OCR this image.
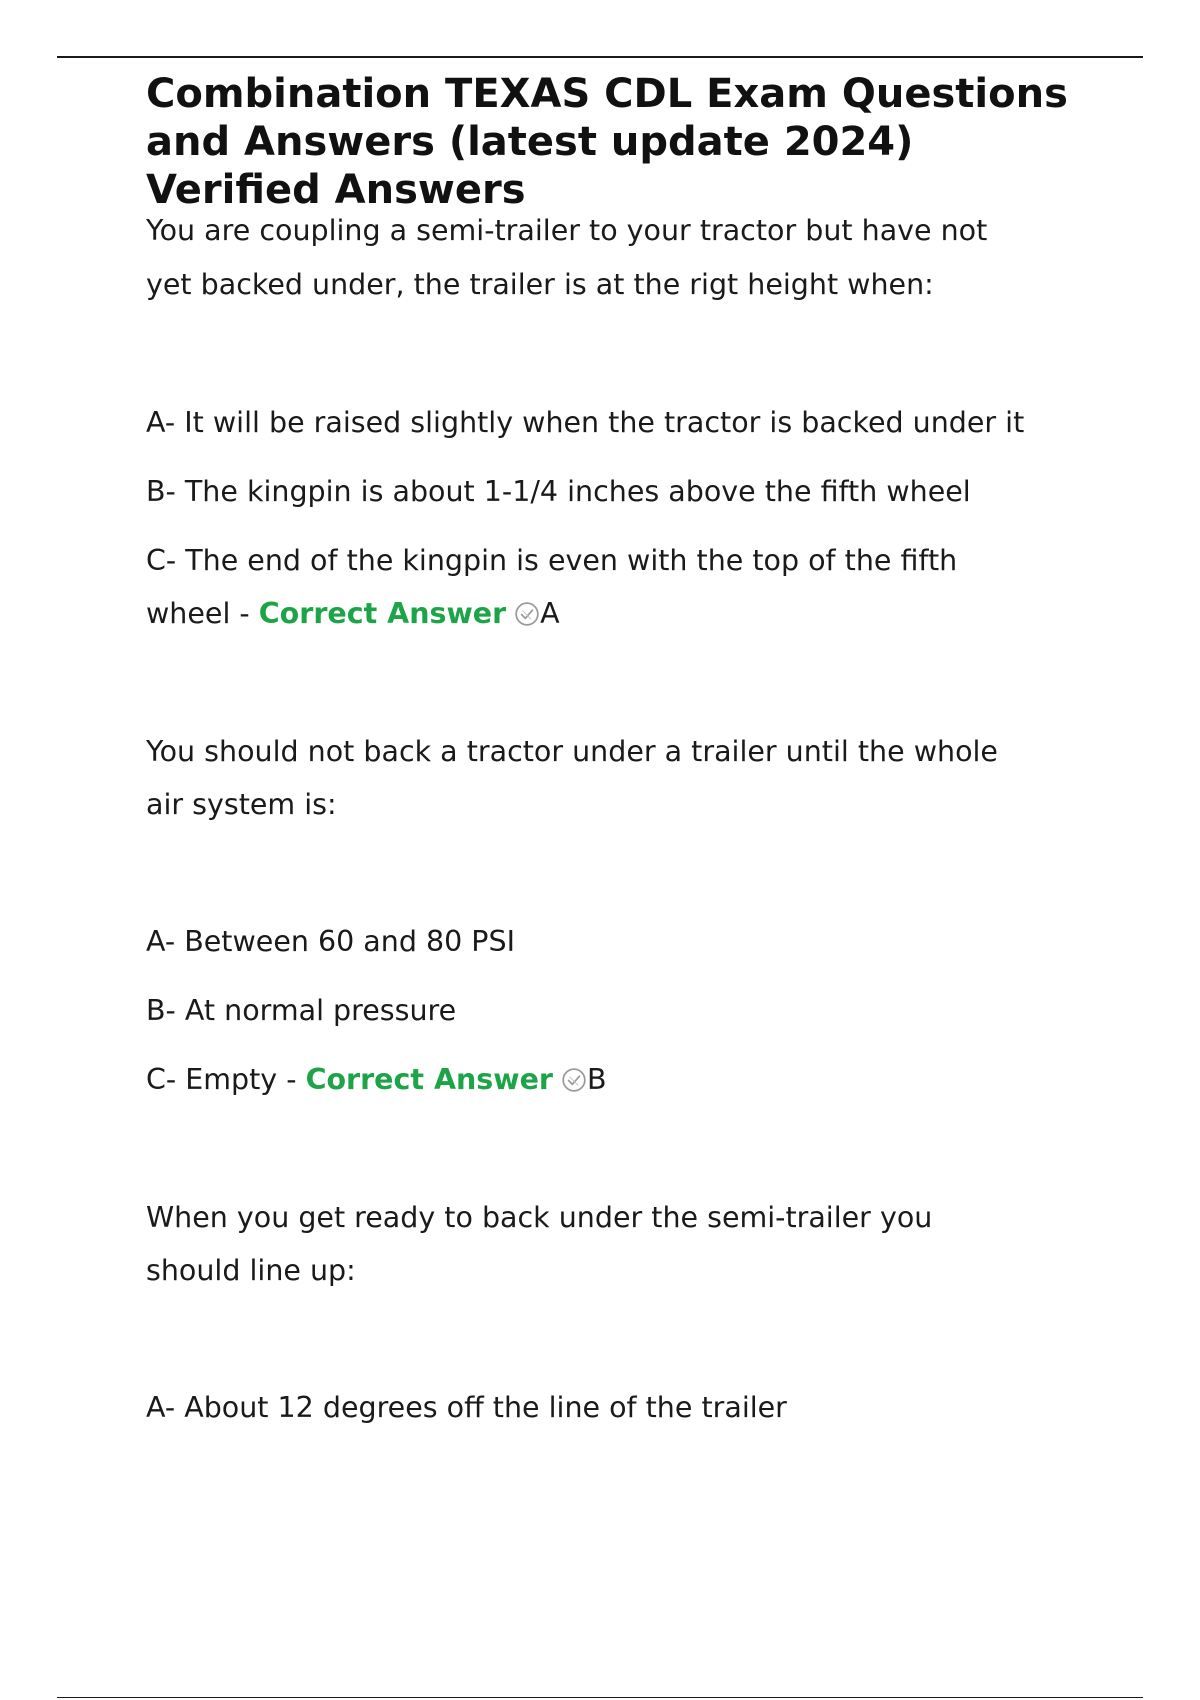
Combination TEXAS CDL Exam Questions
and Answers (latest update 2024)
Verified Answers

You are coupling a semi-trailer to your tractor but have not

yet backed under, the trailer is at the rigt height when:

A- It will be raised slightly when the tractor is backed under it

B- The kingpin is about 1-1/4 inches above the fifth wheel

C- The end of the kingpin is even with the top of the fifth

wheel - Correct Answer A

You should not back a tractor under a trailer until the whole

air system is:

A- Between 60 and 80 PSI

B- At normal pressure

C- Empty - Correct Answer B

When you get ready to back under the semi-trailer you

should line up:

A- About 12 degrees off the line of the trailer
